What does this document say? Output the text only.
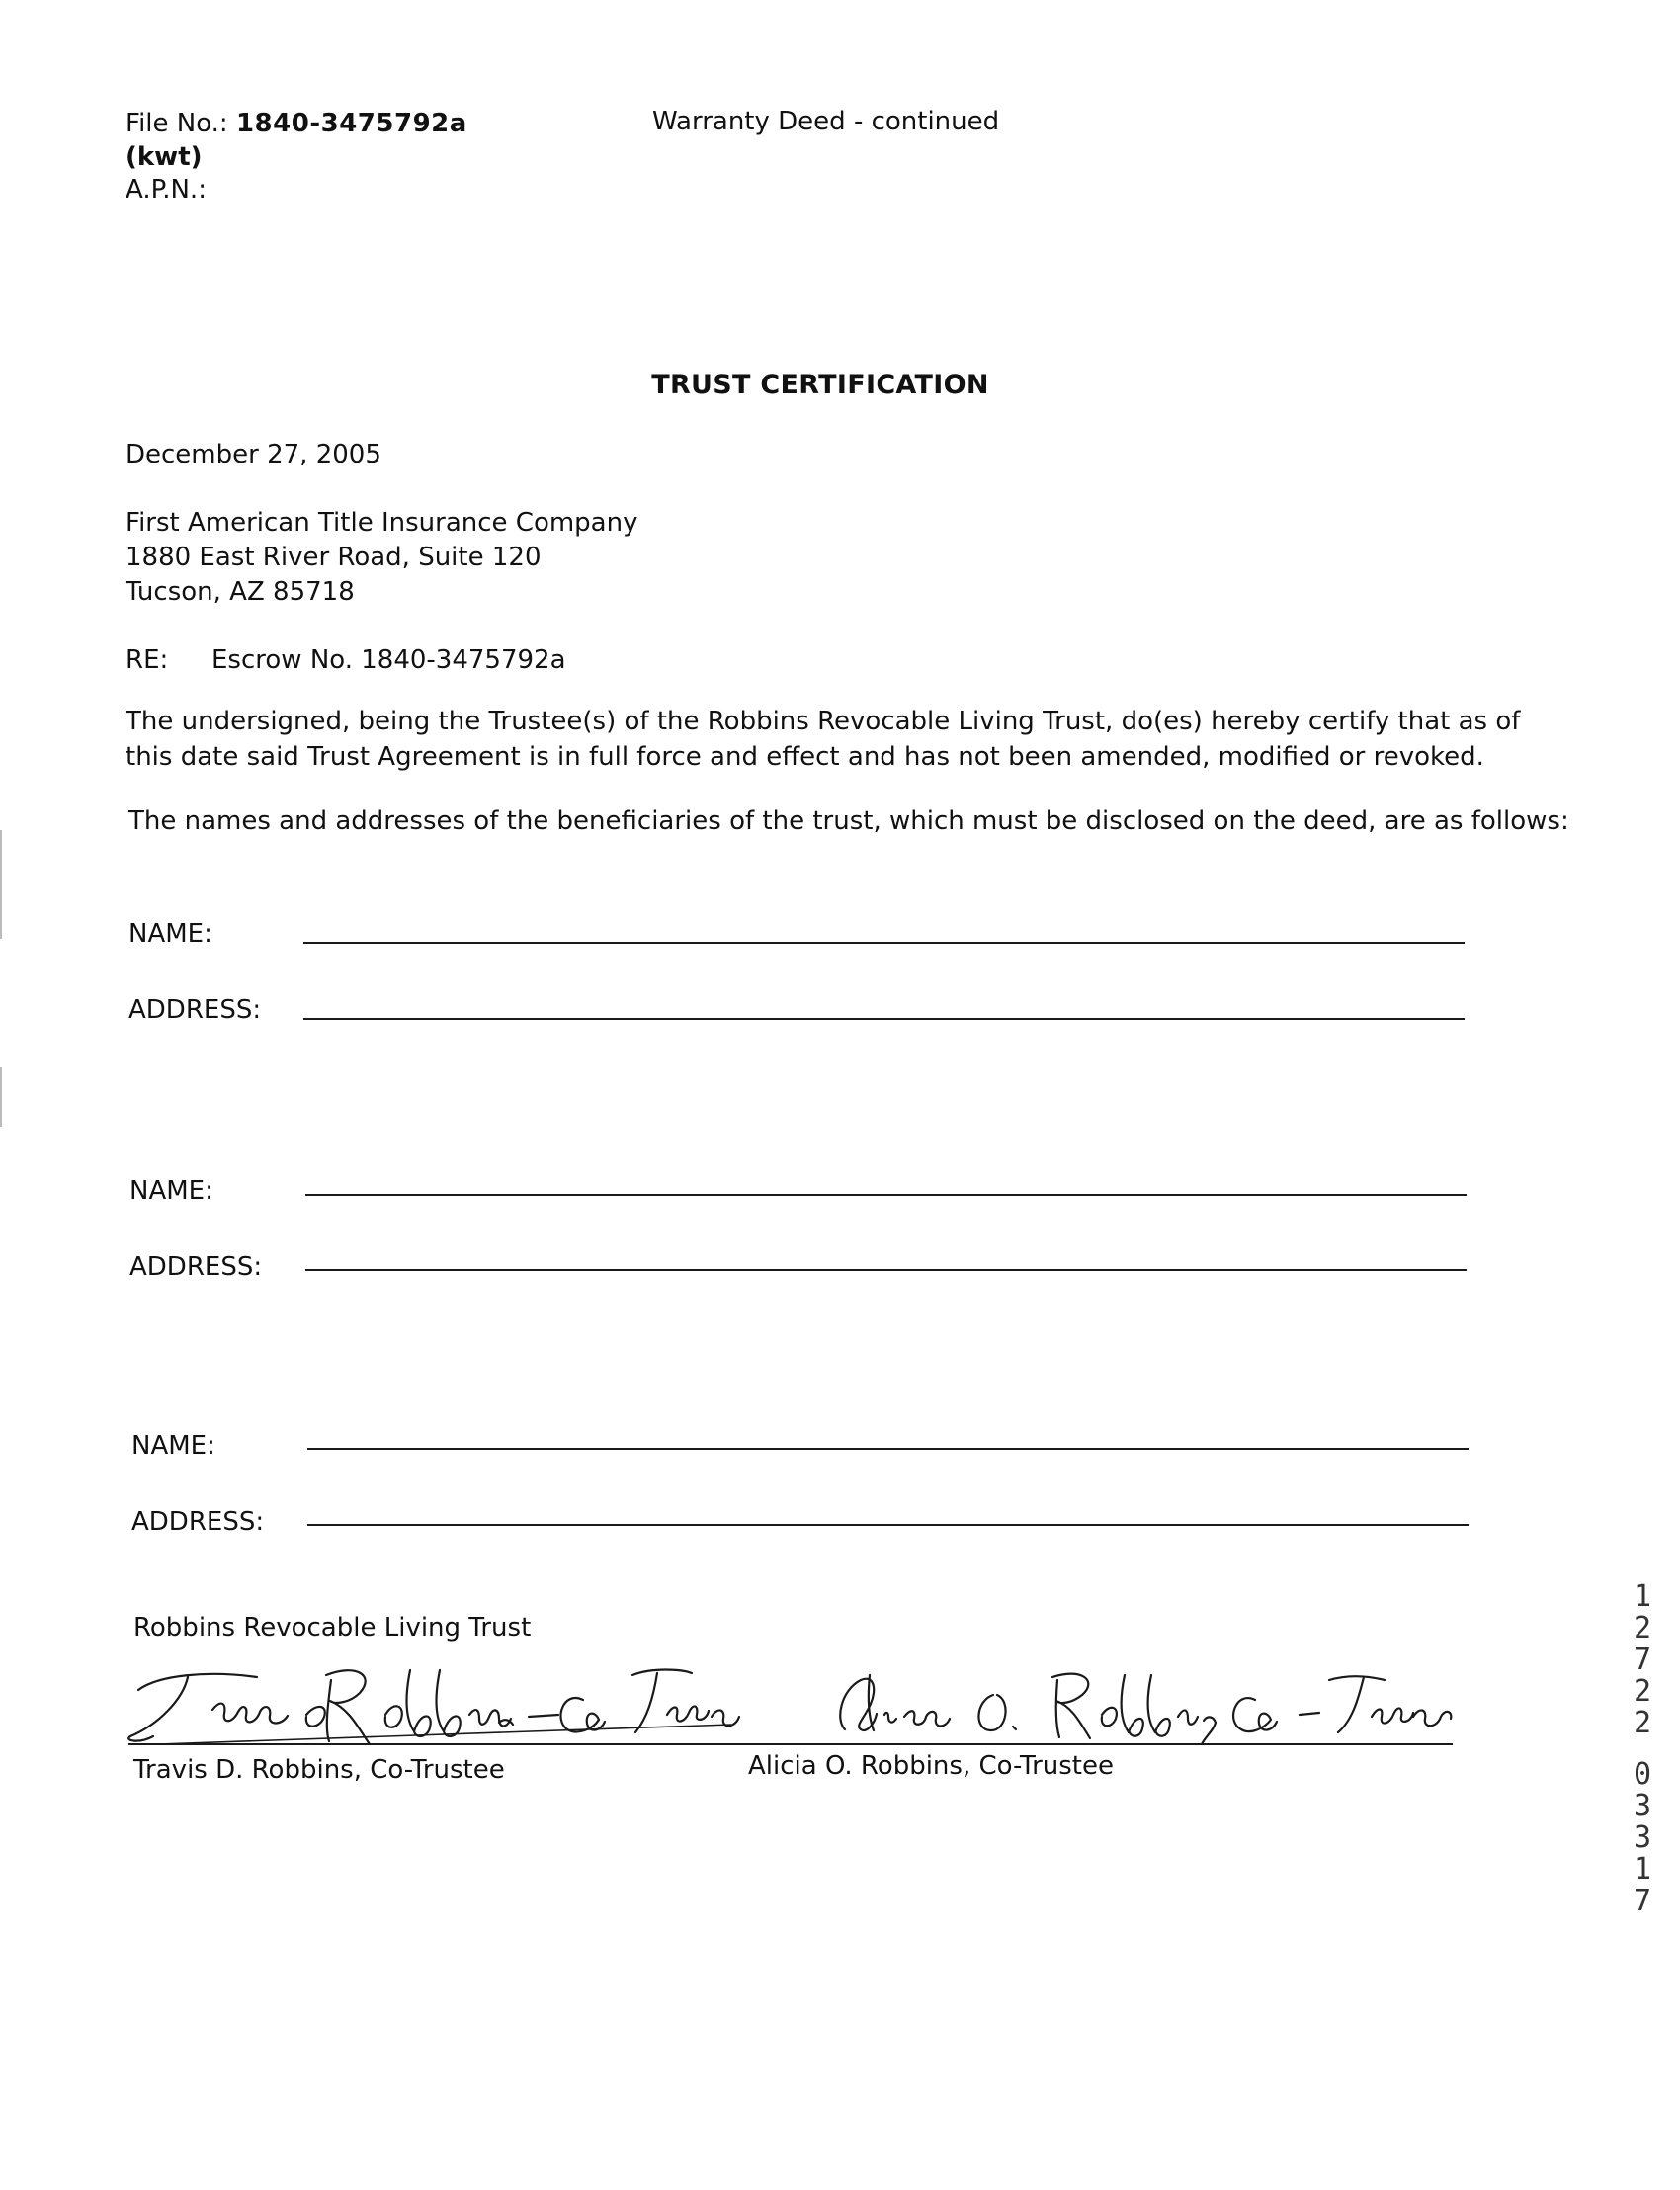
File No.: 1840-3475792a
(kwt)
A.P.N.:
Warranty Deed - continued
TRUST CERTIFICATION
December 27, 2005
First American Title Insurance Company
1880 East River Road, Suite 120
Tucson, AZ 85718
RE: Escrow No. 1840-3475792a
The undersigned, being the Trustee(s) of the Robbins Revocable Living Trust, do(es) hereby certify that as of this date said Trust Agreement is in full force and effect and has not been amended, modified or revoked.
The names and addresses of the beneficiaries of the trust, which must be disclosed on the deed, are as follows:
NAME:
ADDRESS:
NAME:
ADDRESS:
NAME:
ADDRESS:
Robbins Revocable Living Trust
Travis D. Robbins, Co-Trustee	Alicia O. Robbins, Co-Trustee
1
2
7
2
2
0
3
3
1
7
